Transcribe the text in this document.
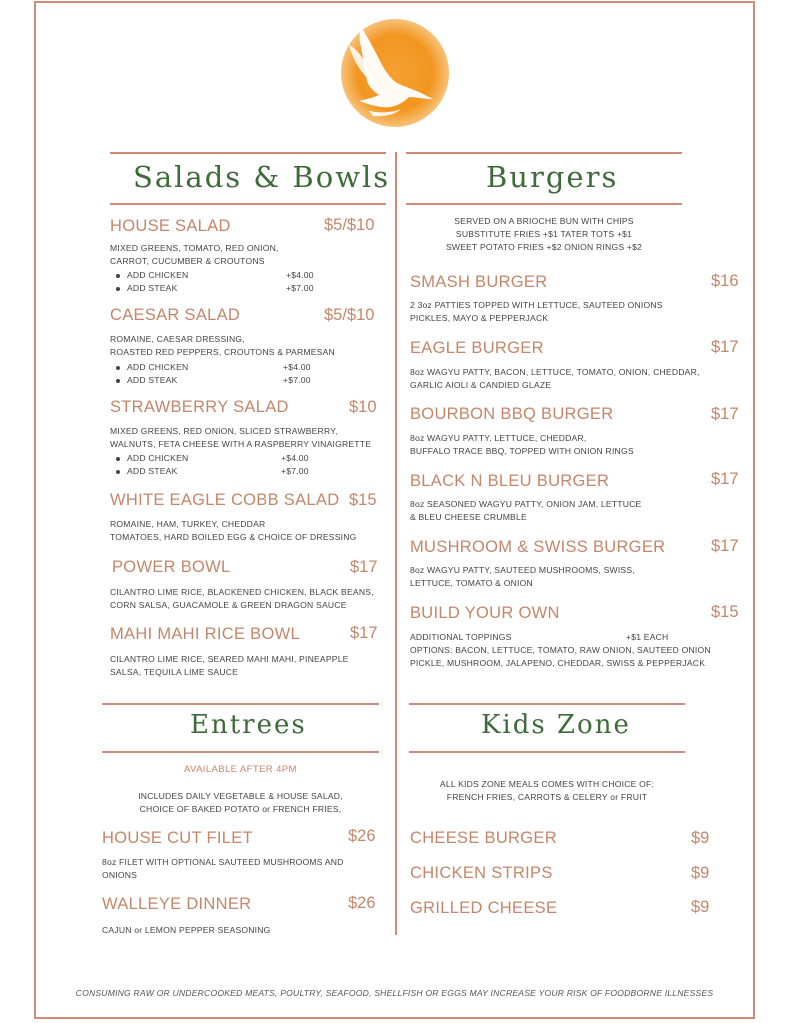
Salads & Bowls
HOUSE SALAD	$5/$10
MIXED GREENS, TOMATO, RED ONION,
CARROT, CUCUMBER & CROUTONS
ADD CHICKEN	+$4.00
ADD STEAK	+$7.00
CAESAR SALAD	$5/$10
ROMAINE, CAESAR DRESSING,
ROASTED RED PEPPERS, CROUTONS & PARMESAN
ADD CHICKEN	+$4.00
ADD STEAK	+$7.00
STRAWBERRY SALAD	$10
MIXED GREENS, RED ONION, SLICED STRAWBERRY,
WALNUTS, FETA CHEESE WITH A RASPBERRY VINAIGRETTE
ADD CHICKEN	+$4.00
ADD STEAK	+$7.00
WHITE EAGLE COBB SALAD $15
ROMAINE, HAM, TURKEY, CHEDDAR
TOMATOES, HARD BOILED EGG & CHOICE OF DRESSING
POWER BOWL	$17
CILANTRO LIME RICE, BLACKENED CHICKEN, BLACK BEANS,
CORN SALSA, GUACAMOLE & GREEN DRAGON SAUCE
MAHI MAHI RICE BOWL	$17
CILANTRO LIME RICE, SEARED MAHI MAHI, PINEAPPLE
SALSA, TEQUILA LIME SAUCE
Burgers
SERVED ON A BRIOCHE BUN WITH CHIPS
SUBSTITUTE FRIES +$1 TATER TOTS +$1
SWEET POTATO FRIES +$2 ONION RINGS +$2
SMASH BURGER	$16
2 3oz PATTIES TOPPED WITH LETTUCE, SAUTEED ONIONS
PICKLES, MAYO & PEPPERJACK
EAGLE BURGER	$17
8oz WAGYU PATTY, BACON, LETTUCE, TOMATO, ONION, CHEDDAR,
GARLIC AIOLI & CANDIED GLAZE
BOURBON BBQ BURGER	$17
8oz WAGYU PATTY, LETTUCE, CHEDDAR,
BUFFALO TRACE BBQ, TOPPED WITH ONION RINGS
BLACK N BLEU BURGER	$17
8oz SEASONED WAGYU PATTY, ONION JAM, LETTUCE
& BLEU CHEESE CRUMBLE
MUSHROOM & SWISS BURGER	$17
8oz WAGYU PATTY, SAUTEED MUSHROOMS, SWISS,
LETTUCE, TOMATO & ONION
BUILD YOUR OWN	$15
ADDITIONAL TOPPINGS	+$1 EACH
OPTIONS: BACON, LETTUCE, TOMATO, RAW ONION, SAUTEED ONION
PICKLE, MUSHROOM, JALAPENO, CHEDDAR, SWISS & PEPPERJACK
Entrees
AVAILABLE AFTER 4PM
INCLUDES DAILY VEGETABLE & HOUSE SALAD,
CHOICE OF BAKED POTATO or FRENCH FRIES,
HOUSE CUT FILET	$26
8oz FILET WITH OPTIONAL SAUTEED MUSHROOMS AND
ONIONS
WALLEYE DINNER	$26
CAJUN or LEMON PEPPER SEASONING
Kids Zone
ALL KIDS ZONE MEALS COMES WITH CHOICE OF:
FRENCH FRIES, CARROTS & CELERY or FRUIT
CHEESE BURGER	$9
CHICKEN STRIPS	$9
GRILLED CHEESE	$9
CONSUMING RAW OR UNDERCOOKED MEATS, POULTRY, SEAFOOD, SHELLFISH OR EGGS MAY INCREASE YOUR RISK OF FOODBORNE ILLNESSES
